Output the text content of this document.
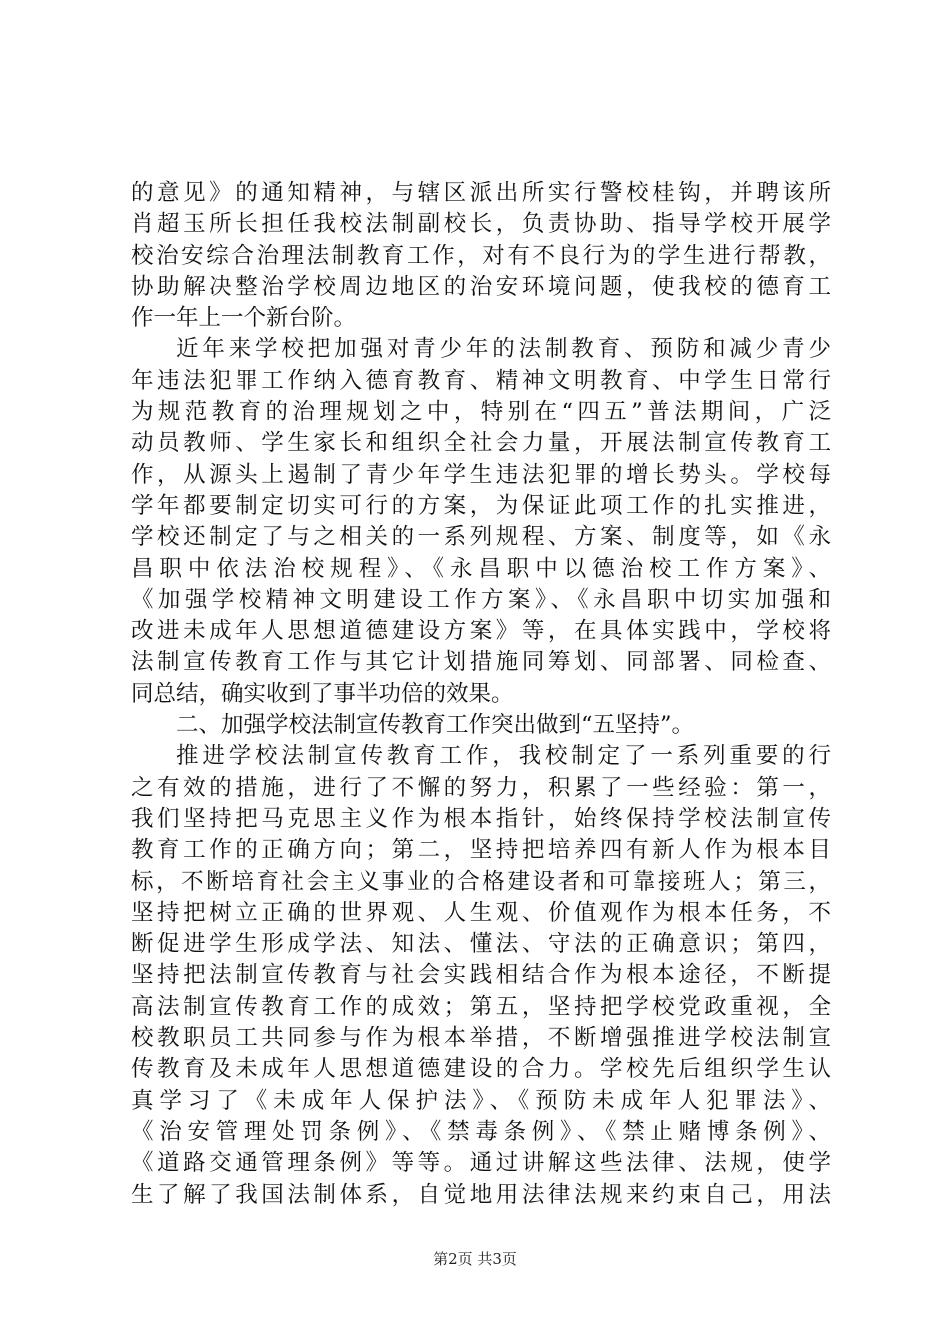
的意见》的通知精神，与辖区派出所实行警校桂钩，并聘该所
肖超玉所长担任我校法制副校长，负责协助、指导学校开展学
校治安综合治理法制教育工作，对有不良行为的学生进行帮教，
协助解决整治学校周边地区的治安环境问题，使我校的德育工
作一年上一个新台阶。
近年来学校把加强对青少年的法制教育、预防和减少青少
年违法犯罪工作纳入德育教育、精神文明教育、中学生日常行
为规范教育的治理规划之中，特别在“四五”普法期间，广泛
动员教师、学生家长和组织全社会力量，开展法制宣传教育工
作，从源头上遏制了青少年学生违法犯罪的增长势头。学校每
学年都要制定切实可行的方案，为保证此项工作的扎实推进，
学校还制定了与之相关的一系列规程、方案、制度等，如《永
昌职中依法治校规程》、《永昌职中以德治校工作方案》、
《加强学校精神文明建设工作方案》、《永昌职中切实加强和
改进未成年人思想道德建设方案》等，在具体实践中，学校将
法制宣传教育工作与其它计划措施同筹划、同部署、同检查、
同总结，确实收到了事半功倍的效果。
二、加强学校法制宣传教育工作突出做到“五坚持”。
推进学校法制宣传教育工作，我校制定了一系列重要的行
之有效的措施，进行了不懈的努力，积累了一些经验：第一，
我们坚持把马克思主义作为根本指针，始终保持学校法制宣传
教育工作的正确方向；第二，坚持把培养四有新人作为根本目
标，不断培育社会主义事业的合格建设者和可靠接班人；第三，
坚持把树立正确的世界观、人生观、价值观作为根本任务，不
断促进学生形成学法、知法、懂法、守法的正确意识；第四，
坚持把法制宣传教育与社会实践相结合作为根本途径，不断提
高法制宣传教育工作的成效；第五，坚持把学校党政重视，全
校教职员工共同参与作为根本举措，不断增强推进学校法制宣
传教育及未成年人思想道德建设的合力。学校先后组织学生认
真学习了《未成年人保护法》、《预防未成年人犯罪法》、
《治安管理处罚条例》、《禁毒条例》、《禁止赌博条例》、
《道路交通管理条例》等等。通过讲解这些法律、法规，使学
生了解了我国法制体系，自觉地用法律法规来约束自己，用法
第2页 共3页
